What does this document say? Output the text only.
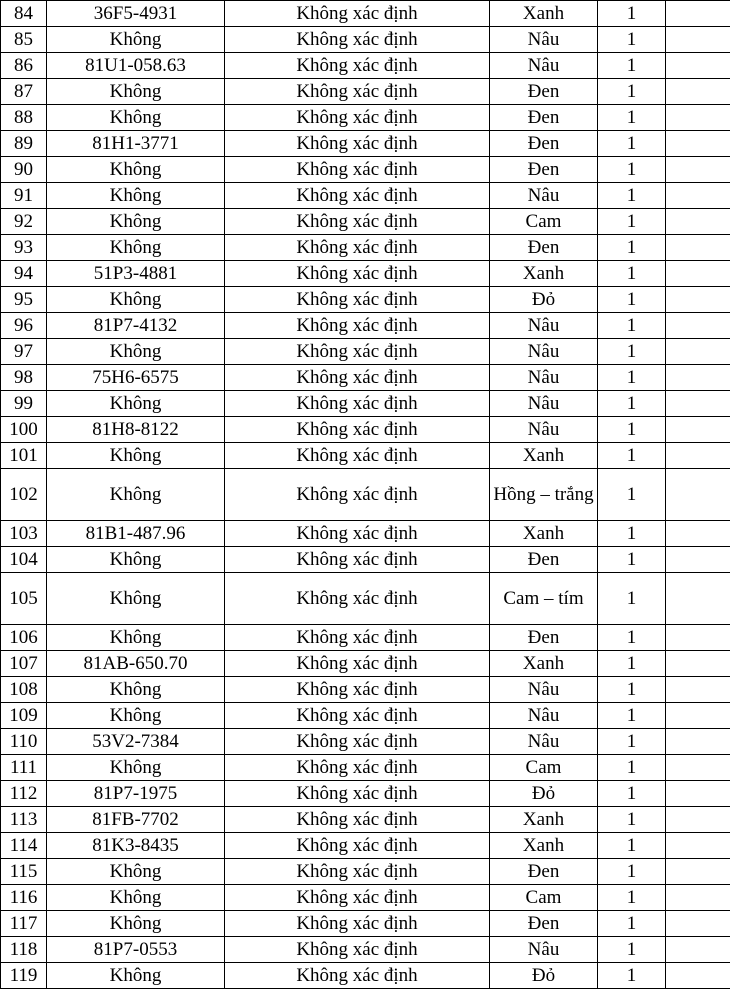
84	36F5-4931	Không xác định	Xanh	1	
85	Không	Không xác định	Nâu	1	
86	81U1-058.63	Không xác định	Nâu	1	
87	Không	Không xác định	Đen	1	
88	Không	Không xác định	Đen	1	
89	81H1-3771	Không xác định	Đen	1	
90	Không	Không xác định	Đen	1	
91	Không	Không xác định	Nâu	1	
92	Không	Không xác định	Cam	1	
93	Không	Không xác định	Đen	1	
94	51P3-4881	Không xác định	Xanh	1	
95	Không	Không xác định	Đỏ	1	
96	81P7-4132	Không xác định	Nâu	1	
97	Không	Không xác định	Nâu	1	
98	75H6-6575	Không xác định	Nâu	1	
99	Không	Không xác định	Nâu	1	
100	81H8-8122	Không xác định	Nâu	1	
101	Không	Không xác định	Xanh	1	
102	Không	Không xác định	Hồng – trắng	1	
103	81B1-487.96	Không xác định	Xanh	1	
104	Không	Không xác định	Đen	1	
105	Không	Không xác định	Cam – tím	1	
106	Không	Không xác định	Đen	1	
107	81AB-650.70	Không xác định	Xanh	1	
108	Không	Không xác định	Nâu	1	
109	Không	Không xác định	Nâu	1	
110	53V2-7384	Không xác định	Nâu	1	
111	Không	Không xác định	Cam	1	
112	81P7-1975	Không xác định	Đỏ	1	
113	81FB-7702	Không xác định	Xanh	1	
114	81K3-8435	Không xác định	Xanh	1	
115	Không	Không xác định	Đen	1	
116	Không	Không xác định	Cam	1	
117	Không	Không xác định	Đen	1	
118	81P7-0553	Không xác định	Nâu	1	
119	Không	Không xác định	Đỏ	1	
